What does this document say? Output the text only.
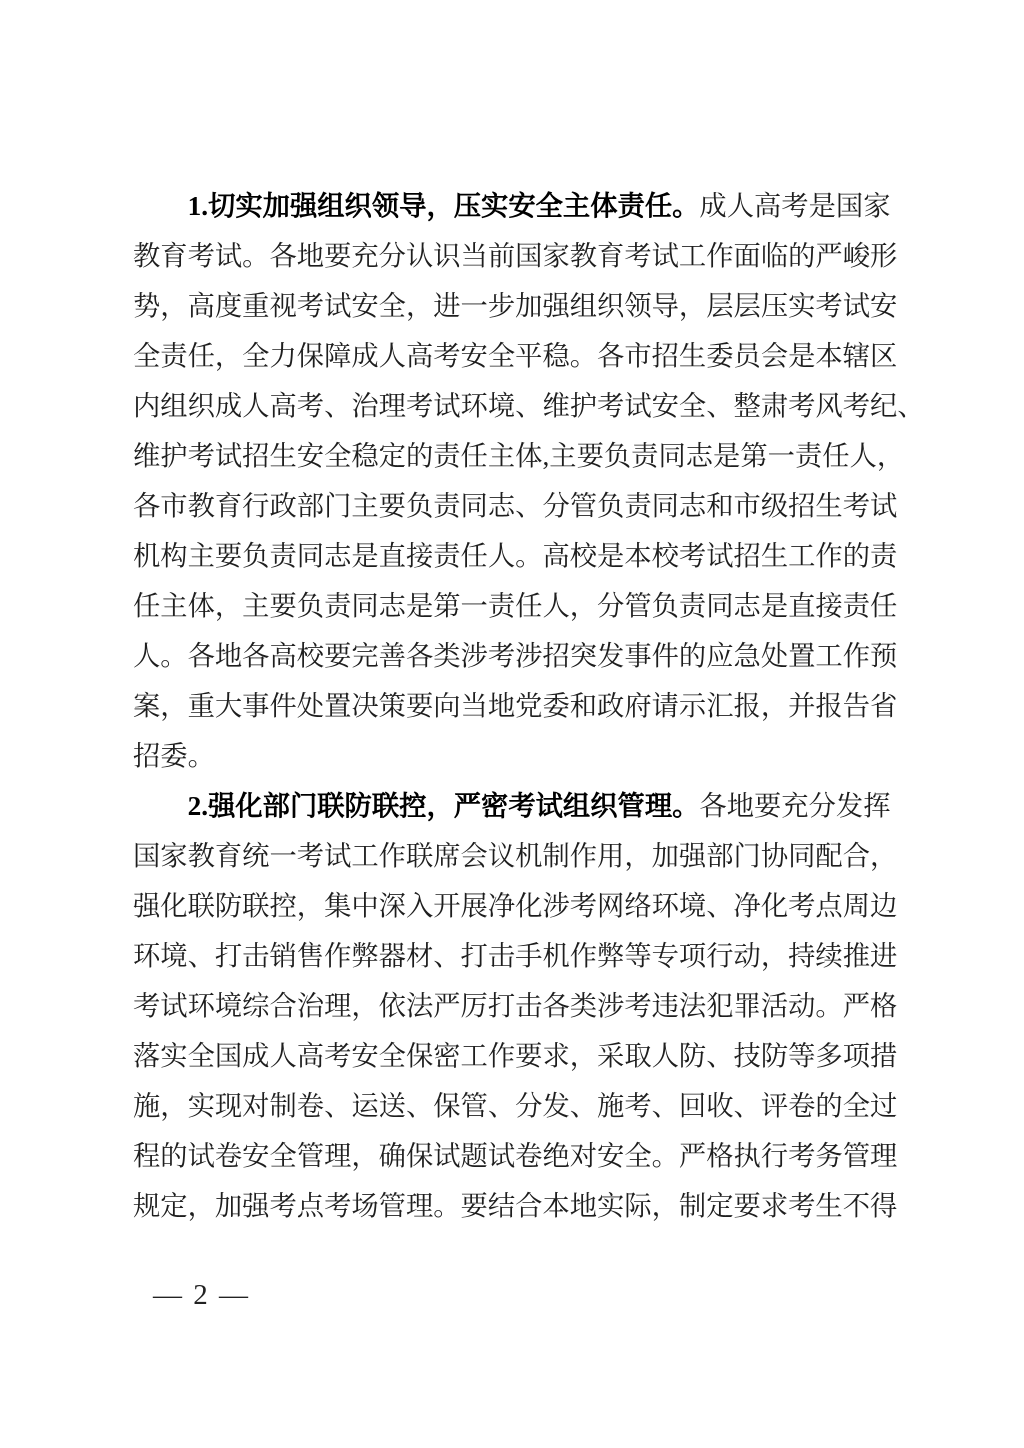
1.切实加强组织领导，压实安全主体责任。成人高考是国家
教育考试。各地要充分认识当前国家教育考试工作面临的严峻形
势，高度重视考试安全，进一步加强组织领导，层层压实考试安
全责任，全力保障成人高考安全平稳。各市招生委员会是本辖区
内组织成人高考、治理考试环境、维护考试安全、整肃考风考纪、
维护考试招生安全稳定的责任主体,主要负责同志是第一责任人，
各市教育行政部门主要负责同志、分管负责同志和市级招生考试
机构主要负责同志是直接责任人。高校是本校考试招生工作的责
任主体，主要负责同志是第一责任人，分管负责同志是直接责任
人。各地各高校要完善各类涉考涉招突发事件的应急处置工作预
案，重大事件处置决策要向当地党委和政府请示汇报，并报告省
招委。
2.强化部门联防联控，严密考试组织管理。各地要充分发挥
国家教育统一考试工作联席会议机制作用，加强部门协同配合，
强化联防联控，集中深入开展净化涉考网络环境、净化考点周边
环境、打击销售作弊器材、打击手机作弊等专项行动，持续推进
考试环境综合治理，依法严厉打击各类涉考违法犯罪活动。严格
落实全国成人高考安全保密工作要求，采取人防、技防等多项措
施，实现对制卷、运送、保管、分发、施考、回收、评卷的全过
程的试卷安全管理，确保试题试卷绝对安全。严格执行考务管理
规定，加强考点考场管理。要结合本地实际，制定要求考生不得
— 2 —
